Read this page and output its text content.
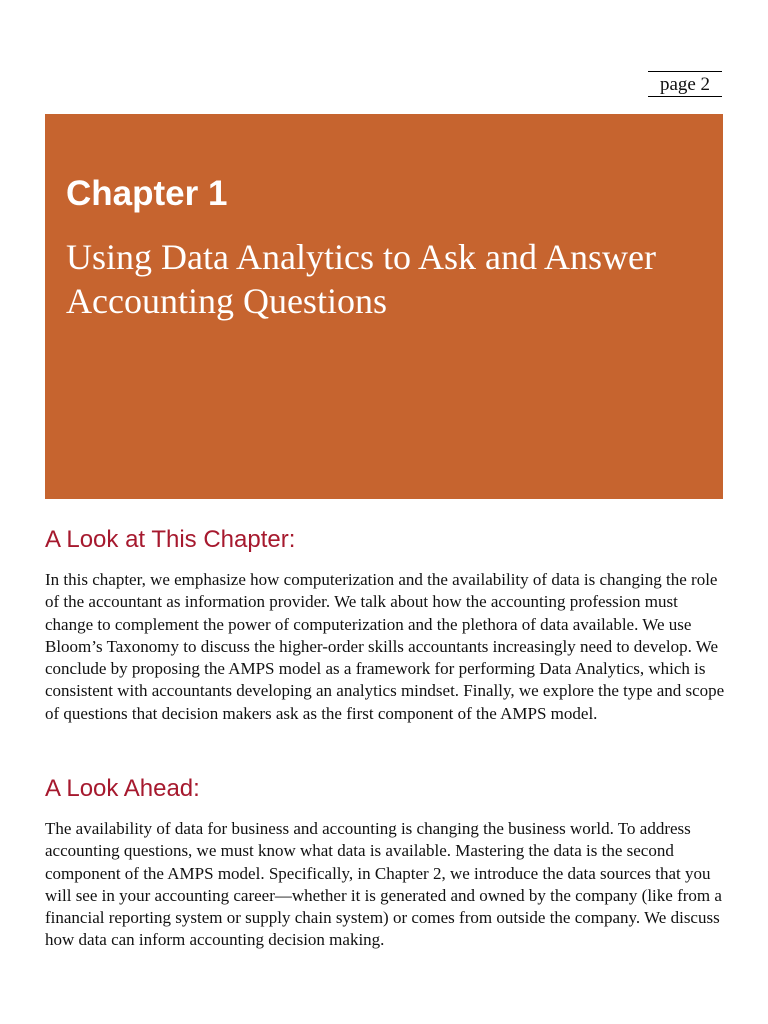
page 2
Chapter 1
Using Data Analytics to Ask and Answer Accounting Questions
A Look at This Chapter:

In this chapter, we emphasize how computerization and the availability of data is changing the role of the accountant as information provider. We talk about how the accounting profession must change to complement the power of computerization and the plethora of data available. We use Bloom’s Taxonomy to discuss the higher-order skills accountants increasingly need to develop. We conclude by proposing the AMPS model as a framework for performing Data Analytics, which is consistent with accountants developing an analytics mindset. Finally, we explore the type and scope of questions that decision makers ask as the first component of the AMPS model.

A Look Ahead:

The availability of data for business and accounting is changing the business world. To address accounting questions, we must know what data is available. Mastering the data is the second component of the AMPS model. Specifically, in Chapter 2, we introduce the data sources that you will see in your accounting career—whether it is generated and owned by the company (like from a financial reporting system or supply chain system) or comes from outside the company. We discuss how data can inform accounting decision making.
